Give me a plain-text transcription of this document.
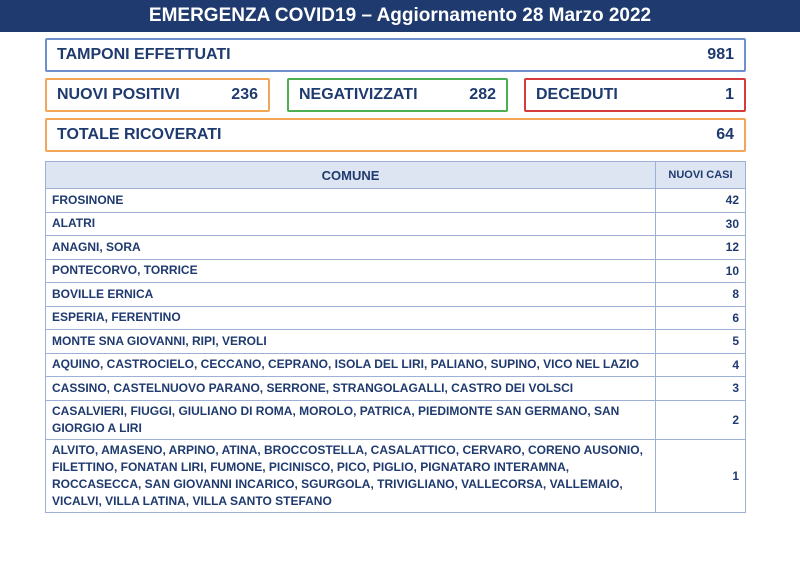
EMERGENZA COVID19 – Aggiornamento 28 Marzo 2022
TAMPONI EFFETTUATI	981
NUOVI POSITIVI	236	NEGATIVIZZATI	282	DECEDUTI	1
TOTALE RICOVERATI	64
COMUNE	NUOVI CASI
FROSINONE	42
ALATRI	30
ANAGNI, SORA	12
PONTECORVO, TORRICE	10
BOVILLE ERNICA	8
ESPERIA, FERENTINO	6
MONTE SNA GIOVANNI, RIPI, VEROLI	5
AQUINO, CASTROCIELO, CECCANO, CEPRANO, ISOLA DEL LIRI, PALIANO, SUPINO, VICO NEL LAZIO	4
CASSINO, CASTELNUOVO PARANO, SERRONE, STRANGOLAGALLI, CASTRO DEI VOLSCI	3
CASALVIERI, FIUGGI, GIULIANO DI ROMA, MOROLO, PATRICA, PIEDIMONTE SAN GERMANO, SAN GIORGIO A LIRI	2
ALVITO, AMASENO, ARPINO, ATINA, BROCCOSTELLA, CASALATTICO, CERVARO, CORENO AUSONIO, FILETTINO, FONATAN LIRI, FUMONE, PICINISCO, PICO, PIGLIO, PIGNATARO INTERAMNA, ROCCASECCA, SAN GIOVANNI INCARICO, SGURGOLA, TRIVIGLIANO, VALLECORSA, VALLEMAIO, VICALVI, VILLA LATINA, VILLA SANTO STEFANO	1
